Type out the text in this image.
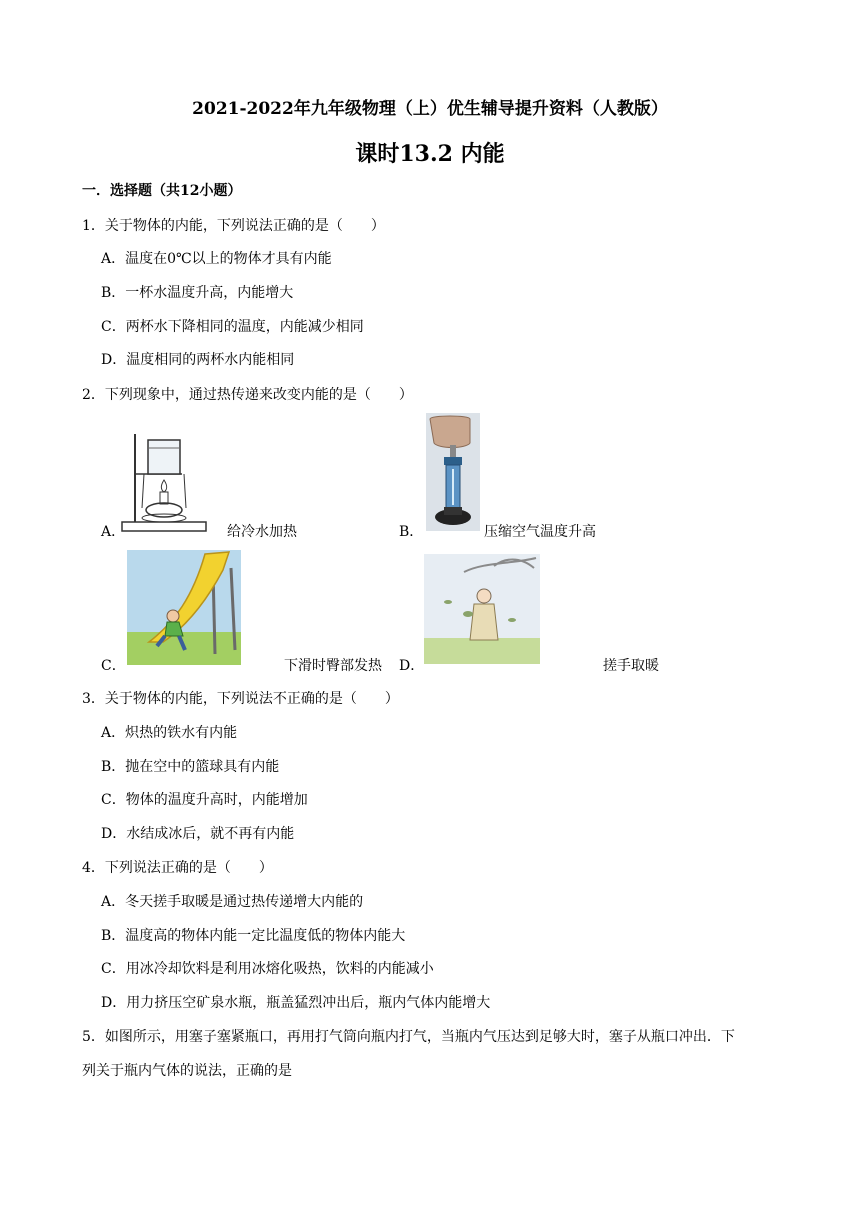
2021-2022年九年级物理（上）优生辅导提升资料（人教版）
课时13.2 内能
一．选择题（共12小题）
1．关于物体的内能，下列说法正确的是（　　）
A．温度在0℃以上的物体才具有内能
B．一杯水温度升高，内能增大
C．两杯水下降相同的温度，内能减少相同
D．温度相同的两杯水内能相同
2．下列现象中，通过热传递来改变内能的是（　　）
A．	给冷水加热	B．	压缩空气温度升高
C．	下滑时臀部发热 D．	搓手取暖
3．关于物体的内能，下列说法不正确的是（　　）
A．炽热的铁水有内能
B．抛在空中的篮球具有内能
C．物体的温度升高时，内能增加
D．水结成冰后，就不再有内能
4．下列说法正确的是（　　）
A．冬天搓手取暖是通过热传递增大内能的
B．温度高的物体内能一定比温度低的物体内能大
C．用冰冷却饮料是利用冰熔化吸热，饮料的内能减小
D．用力挤压空矿泉水瓶，瓶盖猛烈冲出后，瓶内气体内能增大
5．如图所示，用塞子塞紧瓶口，再用打气筒向瓶内打气，当瓶内气压达到足够大时，塞子从瓶口冲出．下
列关于瓶内气体的说法，正确的是
